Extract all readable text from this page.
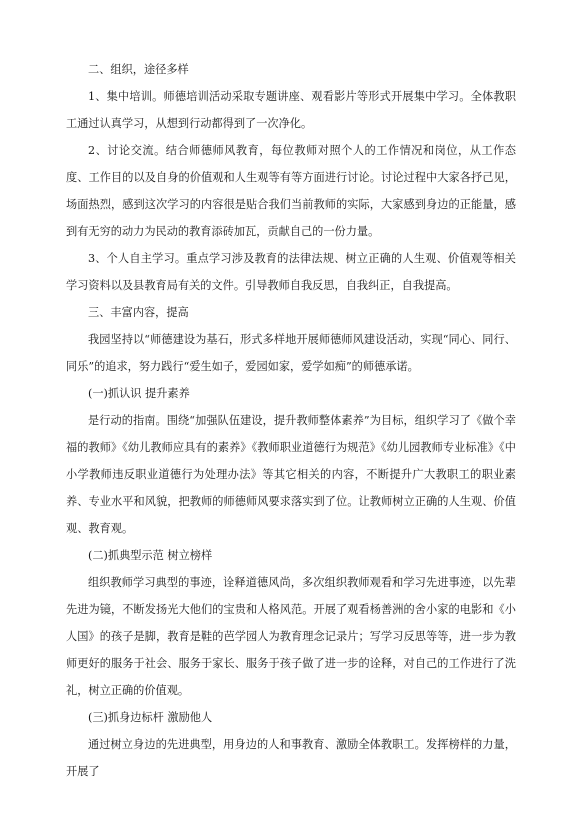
二、组织，途径多样

1、集中培训。师德培训活动采取专题讲座、观看影片等形式开展集中学习。全体教职工通过认真学习，从想到行动都得到了一次净化。

2、讨论交流。结合师德师风教育，每位教师对照个人的工作情况和岗位，从工作态度、工作目的以及自身的价值观和人生观等有等方面进行讨论。讨论过程中大家各抒己见，场面热烈，感到这次学习的内容很是贴合我们当前教师的实际，大家感到身边的正能量，感到有无穷的动力为民动的教育添砖加瓦，贡献自己的一份力量。

3、个人自主学习。重点学习涉及教育的法律法规、树立正确的人生观、价值观等相关学习资料以及县教育局有关的文件。引导教师自我反思，自我纠正，自我提高。

三、丰富内容，提高

我园坚持以“师德建设为基石，形式多样地开展师德师风建设活动，实现“同心、同行、同乐”的追求，努力践行“爱生如子，爱园如家，爱学如痴”的师德承诺。

(一)抓认识 提升素养

是行动的指南。围绕“加强队伍建设，提升教师整体素养”为目标，组织学习了《做个幸福的教师》《幼儿教师应具有的素养》《教师职业道德行为规范》《幼儿园教师专业标准》《中小学教师违反职业道德行为处理办法》等其它相关的内容，不断提升广大教职工的职业素养、专业水平和风貌，把教师的师德师风要求落实到了位。让教师树立正确的人生观、价值观、教育观。

(二)抓典型示范 树立榜样

组织教师学习典型的事迹，诠释道德风尚，多次组织教师观看和学习先进事迹，以先辈先进为镜，不断发扬光大他们的宝贵和人格风范。开展了观看杨善洲的舍小家的电影和《小人国》的孩子是脚，教育是鞋的芭学园人为教育理念记录片；写学习反思等等，进一步为教师更好的服务于社会、服务于家长、服务于孩子做了进一步的诠释，对自己的工作进行了洗礼，树立正确的价值观。

(三)抓身边标杆 激励他人

通过树立身边的先进典型，用身边的人和事教育、激励全体教职工。发挥榜样的力量，开展了
